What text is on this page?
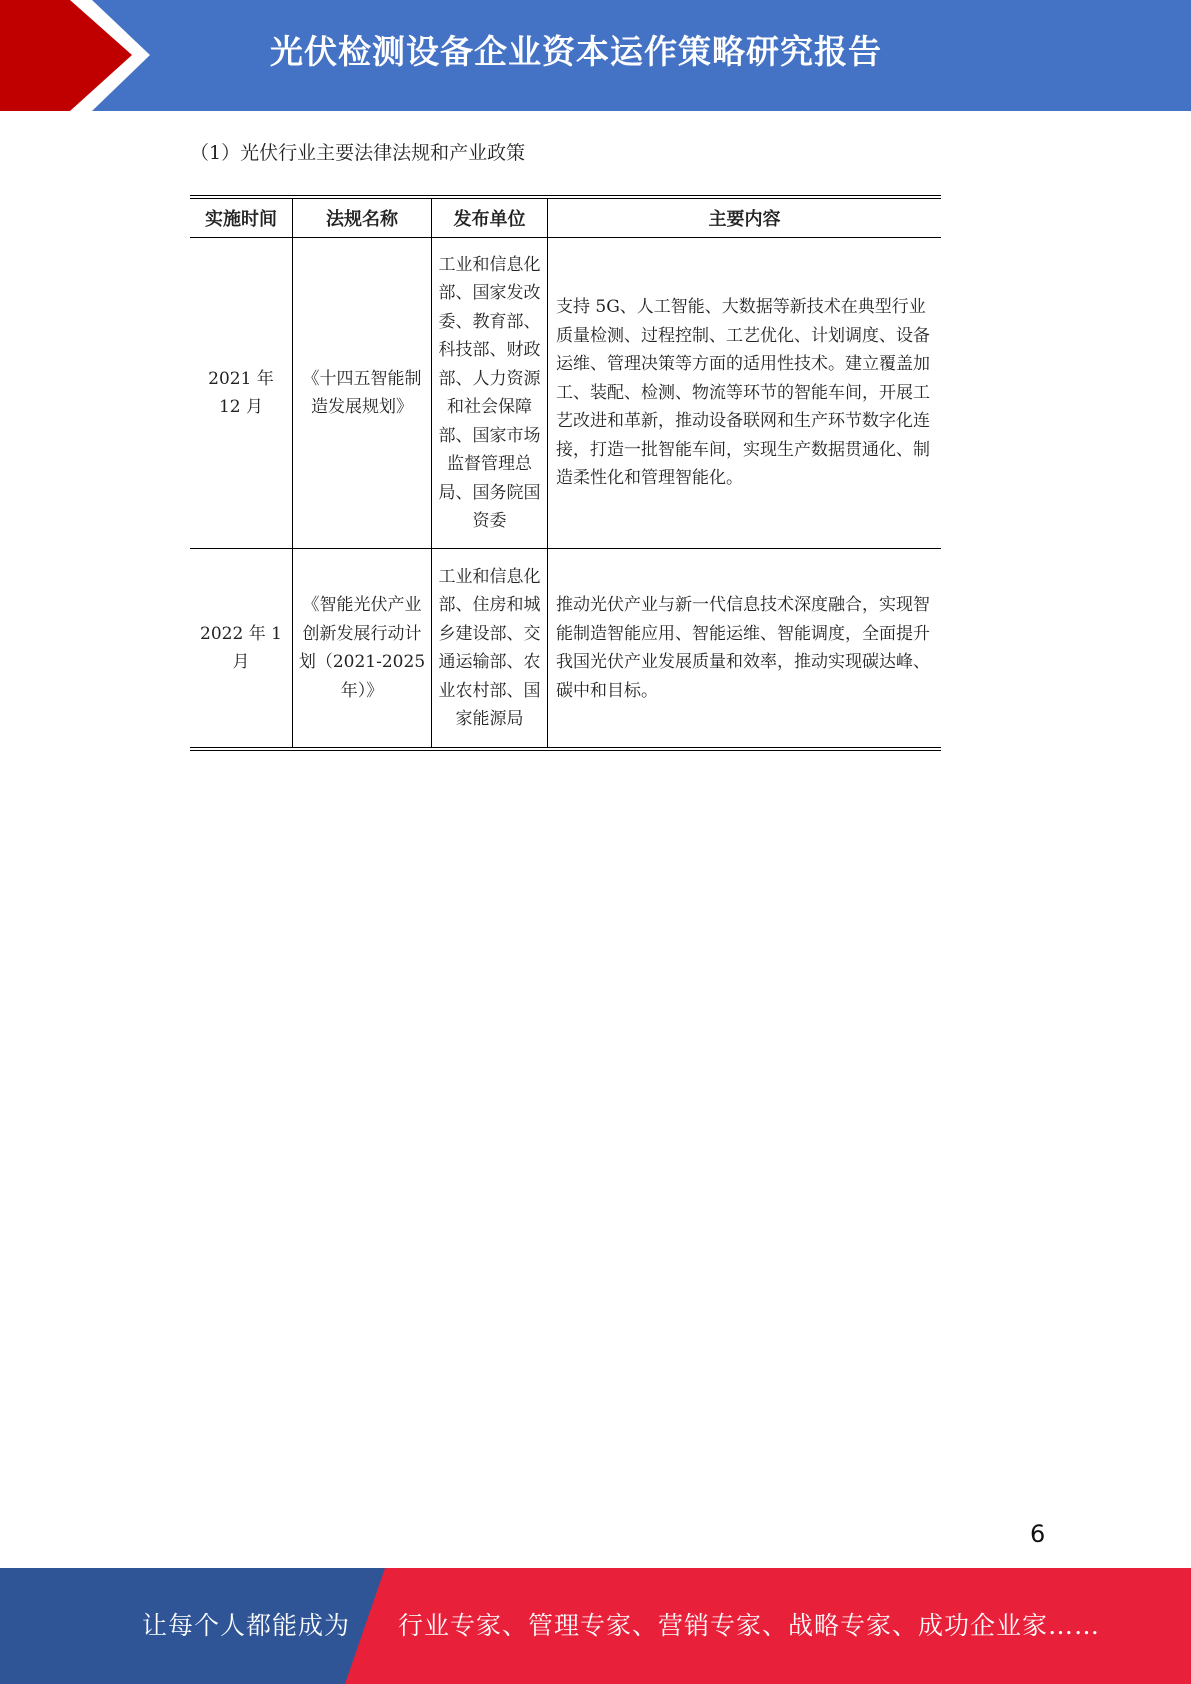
光伏检测设备企业资本运作策略研究报告
（1）光伏行业主要法律法规和产业政策
实施时间	法规名称	发布单位	主要内容
2021 年 12 月	《十四五智能制造发展规划》	工业和信息化部、国家发改委、教育部、科技部、财政部、人力资源和社会保障部、国家市场监督管理总局、国务院国资委	支持 5G、人工智能、大数据等新技术在典型行业质量检测、过程控制、工艺优化、计划调度、设备运维、管理决策等方面的适用性技术。建立覆盖加工、装配、检测、物流等环节的智能车间，开展工艺改进和革新，推动设备联网和生产环节数字化连接，打造一批智能车间，实现生产数据贯通化、制造柔性化和管理智能化。
2022 年 1 月	《智能光伏产业创新发展行动计划（2021-2025 年）》	工业和信息化部、住房和城乡建设部、交通运输部、农业农村部、国家能源局	推动光伏产业与新一代信息技术深度融合，实现智能制造智能应用、智能运维、智能调度，全面提升我国光伏产业发展质量和效率，推动实现碳达峰、碳中和目标。
6
让每个人都能成为 行业专家、管理专家、营销专家、战略专家、成功企业家……
